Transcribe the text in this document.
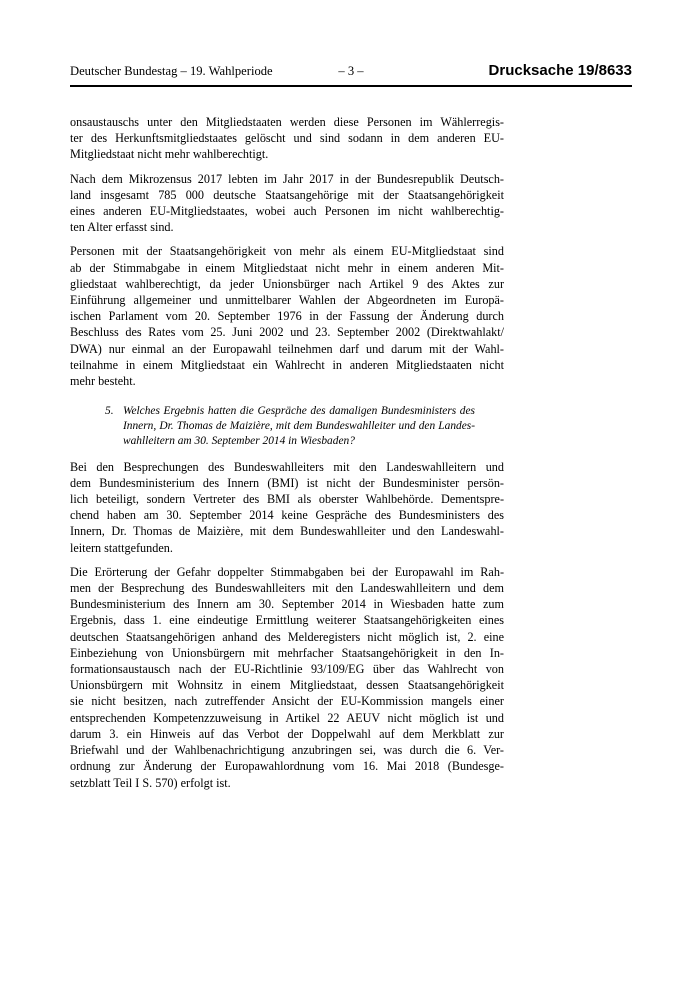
Deutscher Bundestag – 19. Wahlperiode	– 3 –	Drucksache 19/8633
onsaustauschs unter den Mitgliedstaaten werden diese Personen im Wählerregis-
ter des Herkunftsmitgliedstaates gelöscht und sind sodann in dem anderen EU-
Mitgliedstaat nicht mehr wahlberechtigt.
Nach dem Mikrozensus 2017 lebten im Jahr 2017 in der Bundesrepublik Deutsch-
land insgesamt 785 000 deutsche Staatsangehörige mit der Staatsangehörigkeit
eines anderen EU-Mitgliedstaates, wobei auch Personen im nicht wahlberechtig-
ten Alter erfasst sind.
Personen mit der Staatsangehörigkeit von mehr als einem EU-Mitgliedstaat sind
ab der Stimmabgabe in einem Mitgliedstaat nicht mehr in einem anderen Mit-
gliedstaat wahlberechtigt, da jeder Unionsbürger nach Artikel 9 des Aktes zur
Einführung allgemeiner und unmittelbarer Wahlen der Abgeordneten im Europä-
ischen Parlament vom 20. September 1976 in der Fassung der Änderung durch
Beschluss des Rates vom 25. Juni 2002 und 23. September 2002 (Direktwahlakt/
DWA) nur einmal an der Europawahl teilnehmen darf und darum mit der Wahl-
teilnahme in einem Mitgliedstaat ein Wahlrecht in anderen Mitgliedstaaten nicht
mehr besteht.
5. Welches Ergebnis hatten die Gespräche des damaligen Bundesministers des
Innern, Dr. Thomas de Maizière, mit dem Bundeswahlleiter und den Landes-
wahlleitern am 30. September 2014 in Wiesbaden?
Bei den Besprechungen des Bundeswahlleiters mit den Landeswahlleitern und
dem Bundesministerium des Innern (BMI) ist nicht der Bundesminister persön-
lich beteiligt, sondern Vertreter des BMI als oberster Wahlbehörde. Dementspre-
chend haben am 30. September 2014 keine Gespräche des Bundesministers des
Innern, Dr. Thomas de Maizière, mit dem Bundeswahlleiter und den Landeswahl-
leitern stattgefunden.
Die Erörterung der Gefahr doppelter Stimmabgaben bei der Europawahl im Rah-
men der Besprechung des Bundeswahlleiters mit den Landeswahlleitern und dem
Bundesministerium des Innern am 30. September 2014 in Wiesbaden hatte zum
Ergebnis, dass 1. eine eindeutige Ermittlung weiterer Staatsangehörigkeiten eines
deutschen Staatsangehörigen anhand des Melderegisters nicht möglich ist, 2. eine
Einbeziehung von Unionsbürgern mit mehrfacher Staatsangehörigkeit in den In-
formationsaustausch nach der EU-Richtlinie 93/109/EG über das Wahlrecht von
Unionsbürgern mit Wohnsitz in einem Mitgliedstaat, dessen Staatsangehörigkeit
sie nicht besitzen, nach zutreffender Ansicht der EU-Kommission mangels einer
entsprechenden Kompetenzzuweisung in Artikel 22 AEUV nicht möglich ist und
darum 3. ein Hinweis auf das Verbot der Doppelwahl auf dem Merkblatt zur
Briefwahl und der Wahlbenachrichtigung anzubringen sei, was durch die 6. Ver-
ordnung zur Änderung der Europawahlordnung vom 16. Mai 2018 (Bundesge-
setzblatt Teil I S. 570) erfolgt ist.
